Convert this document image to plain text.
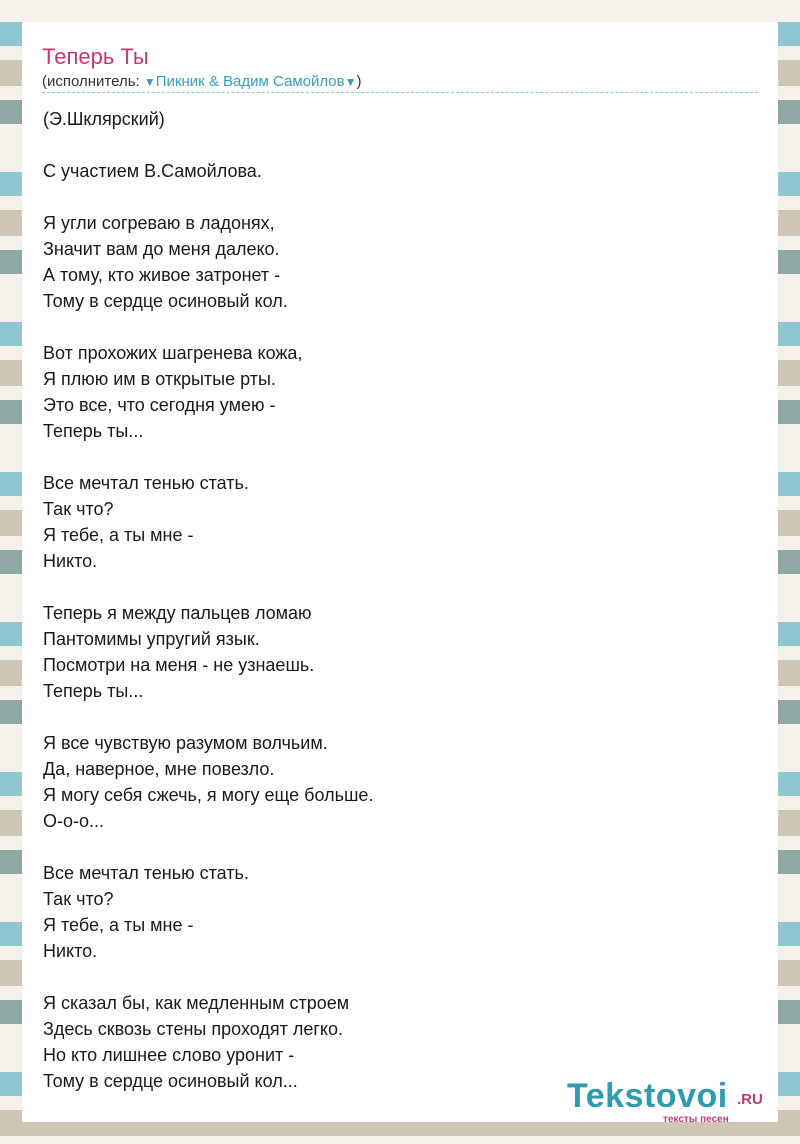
Теперь Ты
(исполнитель: ▼Пикник & Вадим Самойлов▼)
(Э.Шклярский)
С участием В.Самойлова.
Я угли согреваю в ладонях,
Значит вам до меня далеко.
А тому, кто живое затронет -
Тому в сердце осиновый кол.
Вот прохожих шагренева кожа,
Я плюю им в открытые рты.
Это все, что сегодня умею -
Теперь ты...
Все мечтал тенью стать.
Так что?
Я тебе, а ты мне -
Никто.
Теперь я между пальцев ломаю
Пантомимы упругий язык.
Посмотри на меня - не узнаешь.
Теперь ты...
Я все чувствую разумом волчьим.
Да, наверное, мне повезло.
Я могу себя сжечь, я могу еще больше.
О-о-о...
Все мечтал тенью стать.
Так что?
Я тебе, а ты мне -
Никто.
Я сказал бы, как медленным строем
Здесь сквозь стены проходят легко.
Но кто лишнее слово уронит -
Тому в сердце осиновый кол...	Tekstovoi .RU
тексты песен
